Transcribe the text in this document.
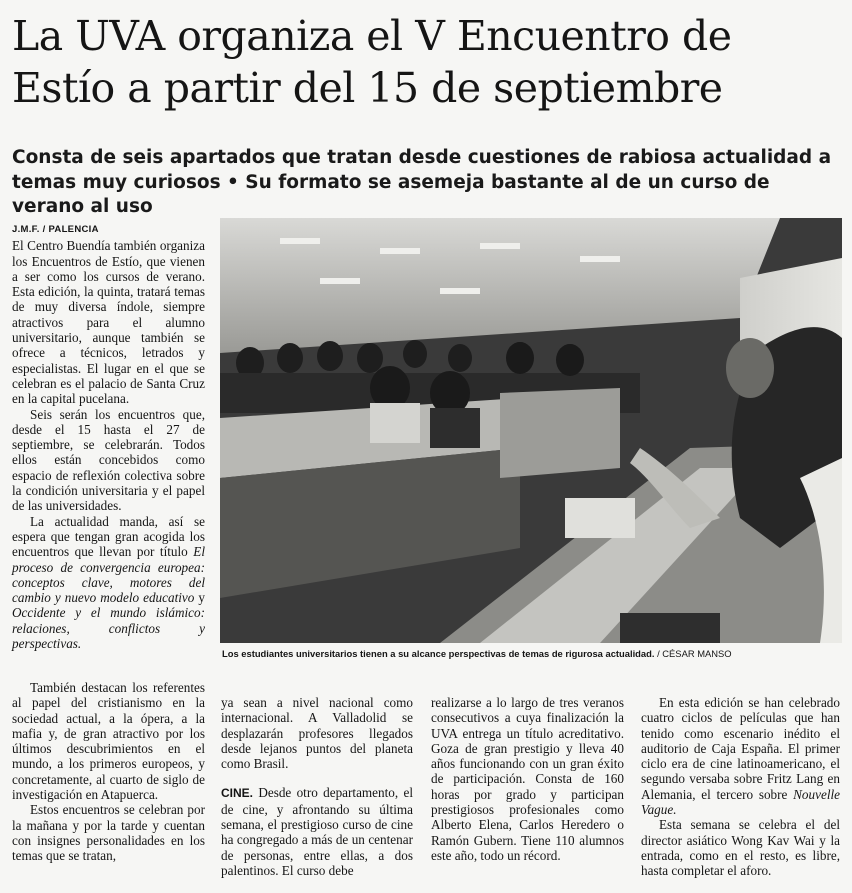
La UVA organiza el V Encuentro de Estío a partir del 15 de septiembre
Consta de seis apartados que tratan desde cuestiones de rabiosa actualidad a temas muy curiosos • Su formato se asemeja bastante al de un curso de verano al uso
J.M.F. / PALENCIA

El Centro Buendía también organiza los Encuentros de Estío, que vienen a ser como los cursos de verano. Esta edición, la quinta, tratará temas de muy diversa índole, siempre atractivos para el alumno universitario, aunque también se ofrece a técnicos, letrados y especialistas. El lugar en el que se celebran es el palacio de Santa Cruz en la capital pucelana.

Seis serán los encuentros que, desde el 15 hasta el 27 de septiembre, se celebrarán. Todos ellos están concebidos como espacio de reflexión colectiva sobre la condición universitaria y el papel de las universidades.

La actualidad manda, así se espera que tengan gran acogida los encuentros que llevan por título El proceso de convergencia europea: conceptos clave, motores del cambio y nuevo modelo educativo y Occidente y el mundo islámico: relaciones, conflictos y perspectivas.

Los estudiantes universitarios tienen a su alcance perspectivas de temas de rigurosa actualidad. / CÉSAR MANSO

También destacan los referentes al papel del cristianismo en la sociedad actual, a la ópera, a la mafia y, de gran atractivo por los últimos descubrimientos en el mundo, a los primeros europeos, y concretamente, al cuarto de siglo de investigación en Atapuerca.

Estos encuentros se celebran por la mañana y por la tarde y cuentan con insignes personalidades en los temas que se tratan,

ya sean a nivel nacional como internacional. A Valladolid se desplazarán profesores llegados desde lejanos puntos del planeta como Brasil.

CINE. Desde otro departamento, el de cine, y afrontando su última semana, el prestigioso curso de cine ha congregado a más de un centenar de personas, entre ellas, a dos palentinos. El curso debe

realizarse a lo largo de tres veranos consecutivos a cuya finalización la UVA entrega un título acreditativo. Goza de gran prestigio y lleva 40 años funcionando con un gran éxito de participación. Consta de 160 horas por grado y participan prestigiosos profesionales como Alberto Elena, Carlos Heredero o Ramón Gubern. Tiene 110 alumnos este año, todo un récord.

En esta edición se han celebrado cuatro ciclos de películas que han tenido como escenario inédito el auditorio de Caja España. El primer ciclo era de cine latinoamericano, el segundo versaba sobre Fritz Lang en Alemania, el tercero sobre Nouvelle Vague.

Esta semana se celebra el del director asiático Wong Kav Wai y la entrada, como en el resto, es libre, hasta completar el aforo.
